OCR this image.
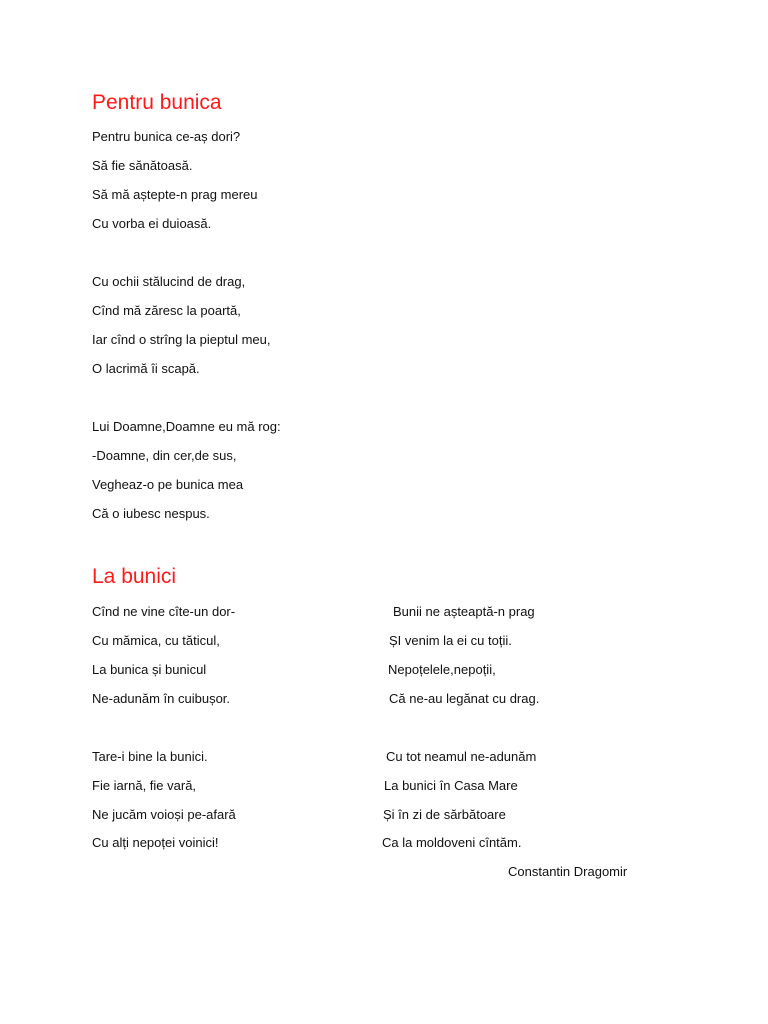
Pentru bunica
Pentru bunica ce-aș dori?
Să fie sănătoasă.
Să mă aștepte-n prag mereu
Cu vorba ei duioasă.
Cu ochii stălucind de drag,
Cînd mă zăresc la poartă,
Iar cînd o strîng la pieptul meu,
O lacrimă îi scapă.
Lui Doamne,Doamne eu mă rog:
-Doamne, din cer,de sus,
Vegheaz-o pe bunica mea
Că o iubesc nespus.
La bunici
Cînd ne vine cîte-un dor-
Cu mămica, cu tăticul,
La bunica și bunicul
Ne-adunăm în cuibușor.
Tare-i bine la bunici.
Fie iarnă, fie vară,
Ne jucăm voioși pe-afară
Cu alți nepoței voinici!
Bunii ne așteaptă-n prag
ȘI venim la ei cu toții.
Nepoțelele,nepoții,
Că ne-au legănat cu drag.
Cu tot neamul ne-adunăm
La bunici în Casa Mare
Și în zi de sărbătoare
Ca la moldoveni cîntăm.
Constantin Dragomir
